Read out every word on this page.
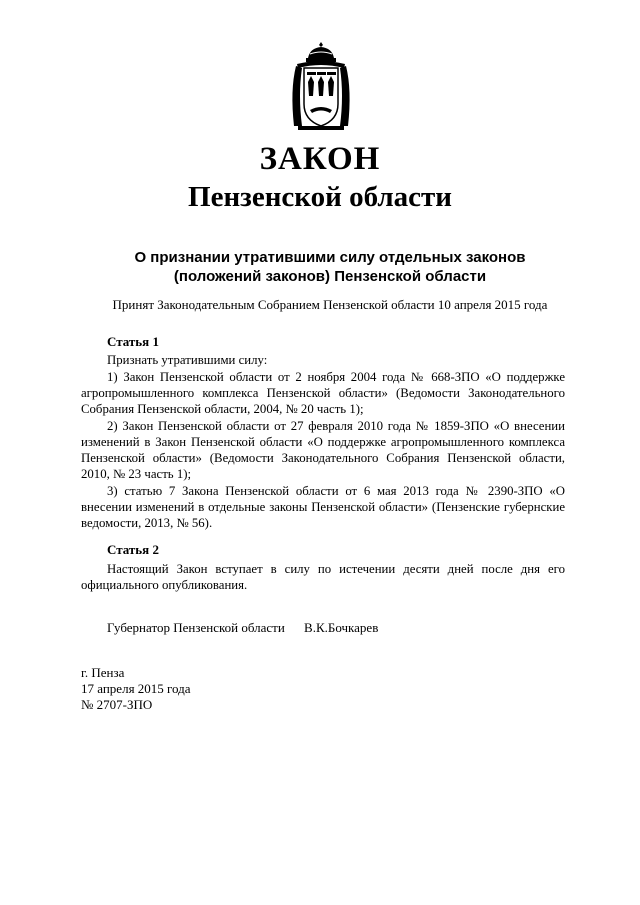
ЗАКОН
Пензенской области
О признании утратившими силу отдельных законов
(положений законов) Пензенской области
Принят Законодательным Собранием Пензенской области 10 апреля 2015 года
Статья 1

Признать утратившими силу:

1) Закон Пензенской области от 2 ноября 2004 года № 668-ЗПО «О поддержке агропромышленного комплекса Пензенской области» (Ведомости Законодательного Собрания Пензенской области, 2004, № 20 часть 1);

2) Закон Пензенской области от 27 февраля 2010 года № 1859-ЗПО «О внесении изменений в Закон Пензенской области «О поддержке агропромышленного комплекса Пензенской области» (Ведомости Законодательного Собрания Пензенской области, 2010, № 23 часть 1);

3) статью 7 Закона Пензенской области от 6 мая 2013 года № 2390-ЗПО «О внесении изменений в отдельные законы Пензенской области» (Пензенские губернские ведомости, 2013, № 56).

Статья 2

Настоящий Закон вступает в силу по истечении десяти дней после дня его официального опубликования.

Губернатор Пензенской области В.К.Бочкарев
г. Пенза
17 апреля 2015 года
№ 2707-ЗПО
